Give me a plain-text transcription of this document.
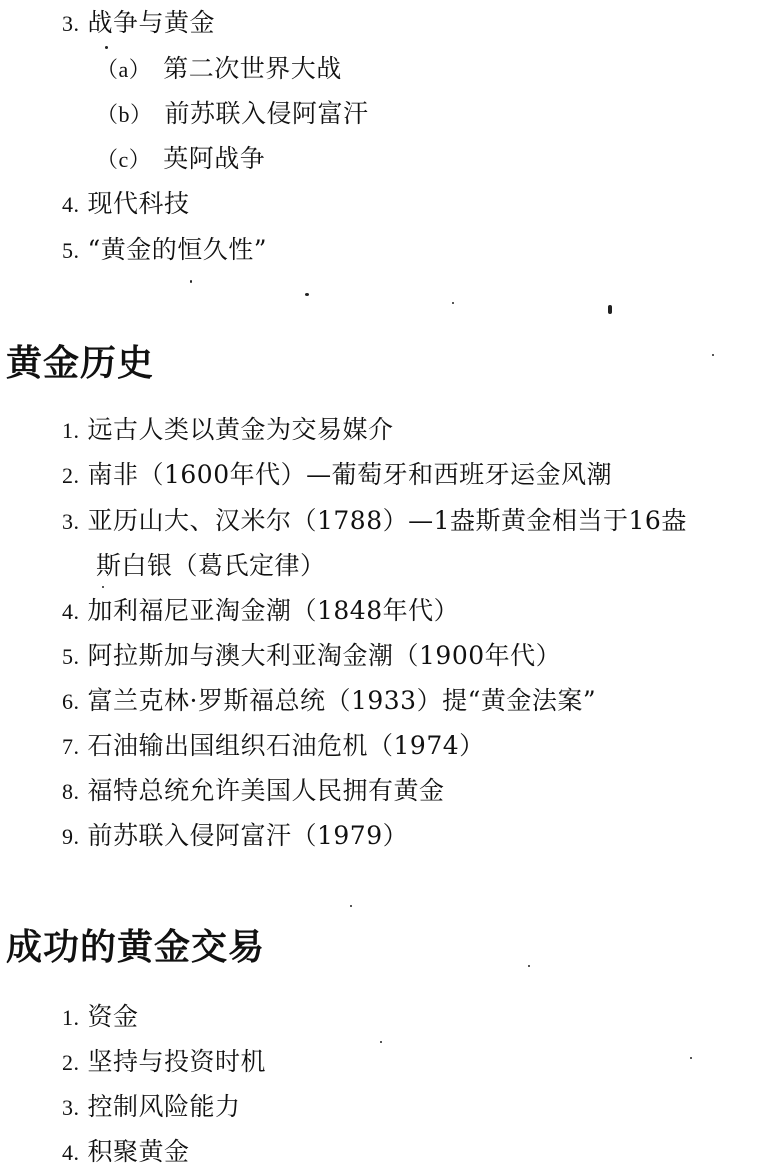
3. 战争与黄金
（a） 第二次世界大战
（b） 前苏联入侵阿富汗
（c） 英阿战争
4. 现代科技
5. “黄金的恒久性”
黄金历史
1. 远古人类以黄金为交易媒介
2. 南非（1600年代）—葡萄牙和西班牙运金风潮
3. 亚历山大、汉米尔（1788）—1盎斯黄金相当于16盎
斯白银（葛氏定律）
4. 加利福尼亚淘金潮（1848年代）
5. 阿拉斯加与澳大利亚淘金潮（1900年代）
6. 富兰克林·罗斯福总统（1933）提“黄金法案”
7. 石油输出国组织石油危机（1974）
8. 福特总统允许美国人民拥有黄金
9. 前苏联入侵阿富汗（1979）
成功的黄金交易
1. 资金
2. 坚持与投资时机
3. 控制风险能力
4. 积聚黄金
